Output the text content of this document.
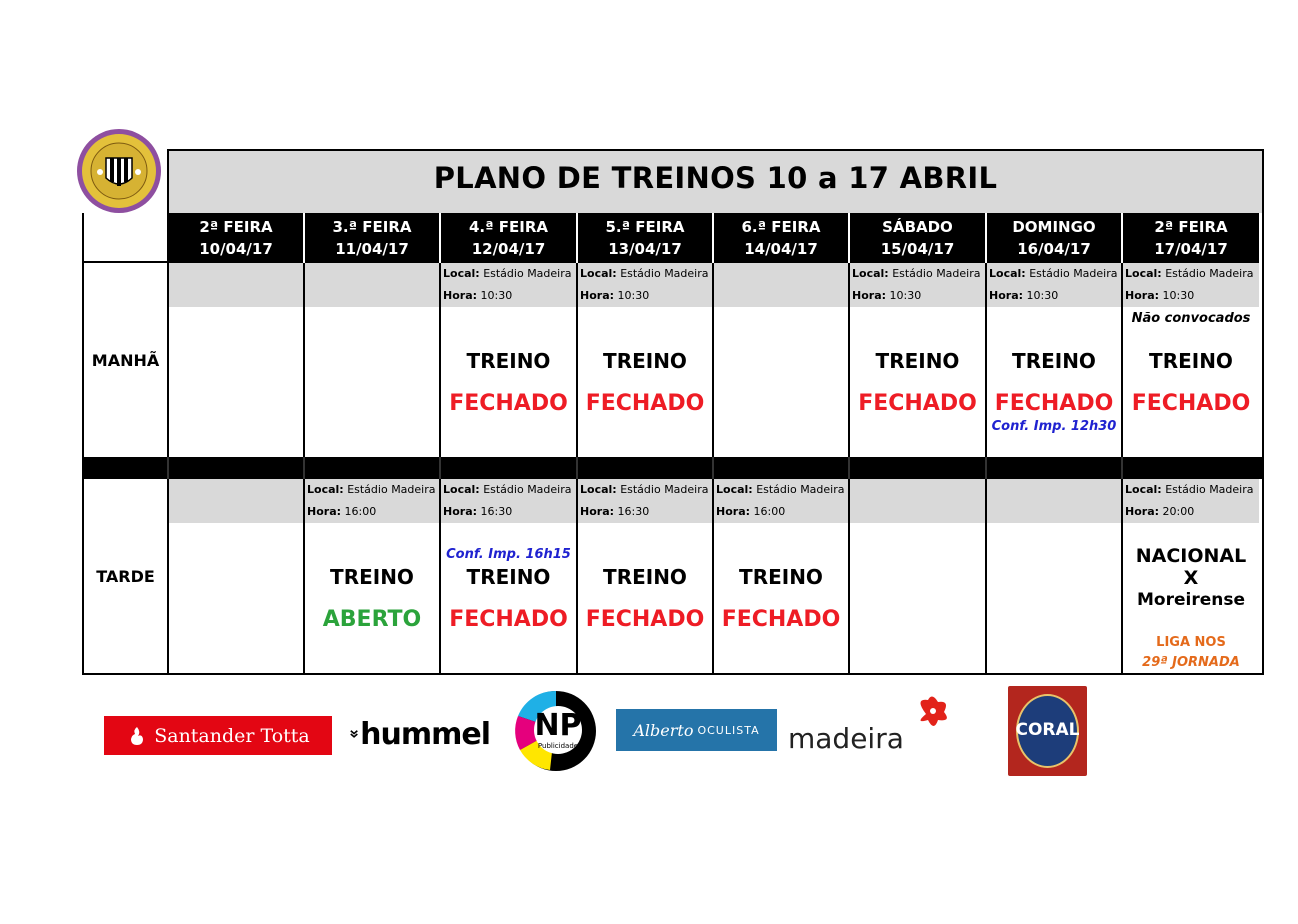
PLANO DE TREINOS 10 a 17 ABRIL
2ª FEIRA
10/04/17
3.ª FEIRA
11/04/17
4.ª FEIRA
12/04/17
5.ª FEIRA
13/04/17
6.ª FEIRA
14/04/17
SÁBADO
15/04/17
DOMINGO
16/04/17
2ª FEIRA
17/04/17
MANHÃ
TARDE
Local: Estádio Madeira
Hora: 16:00
TREINO
ABERTO
Local: Estádio Madeira
Hora: 10:30
TREINO
FECHADO
Local: Estádio Madeira
Hora: 16:30
Conf. Imp. 16h15
TREINO
FECHADO
Local: Estádio Madeira
Hora: 10:30
TREINO
FECHADO
Local: Estádio Madeira
Hora: 16:30
TREINO
FECHADO
Local: Estádio Madeira
Hora: 16:00
TREINO
FECHADO
Local: Estádio Madeira
Hora: 10:30
TREINO
FECHADO
Local: Estádio Madeira
Hora: 10:30
TREINO
FECHADO
Conf. Imp. 12h30
Local: Estádio Madeira
Hora: 10:30
Não convocados
TREINO
FECHADO
Local: Estádio Madeira
Hora: 20:00
NACIONAL
X
Moreirense
LIGA NOS
29ª JORNADA
Santander Totta hummel NP
Publicidade
Alberto OCULISTA madeira	CORAL
